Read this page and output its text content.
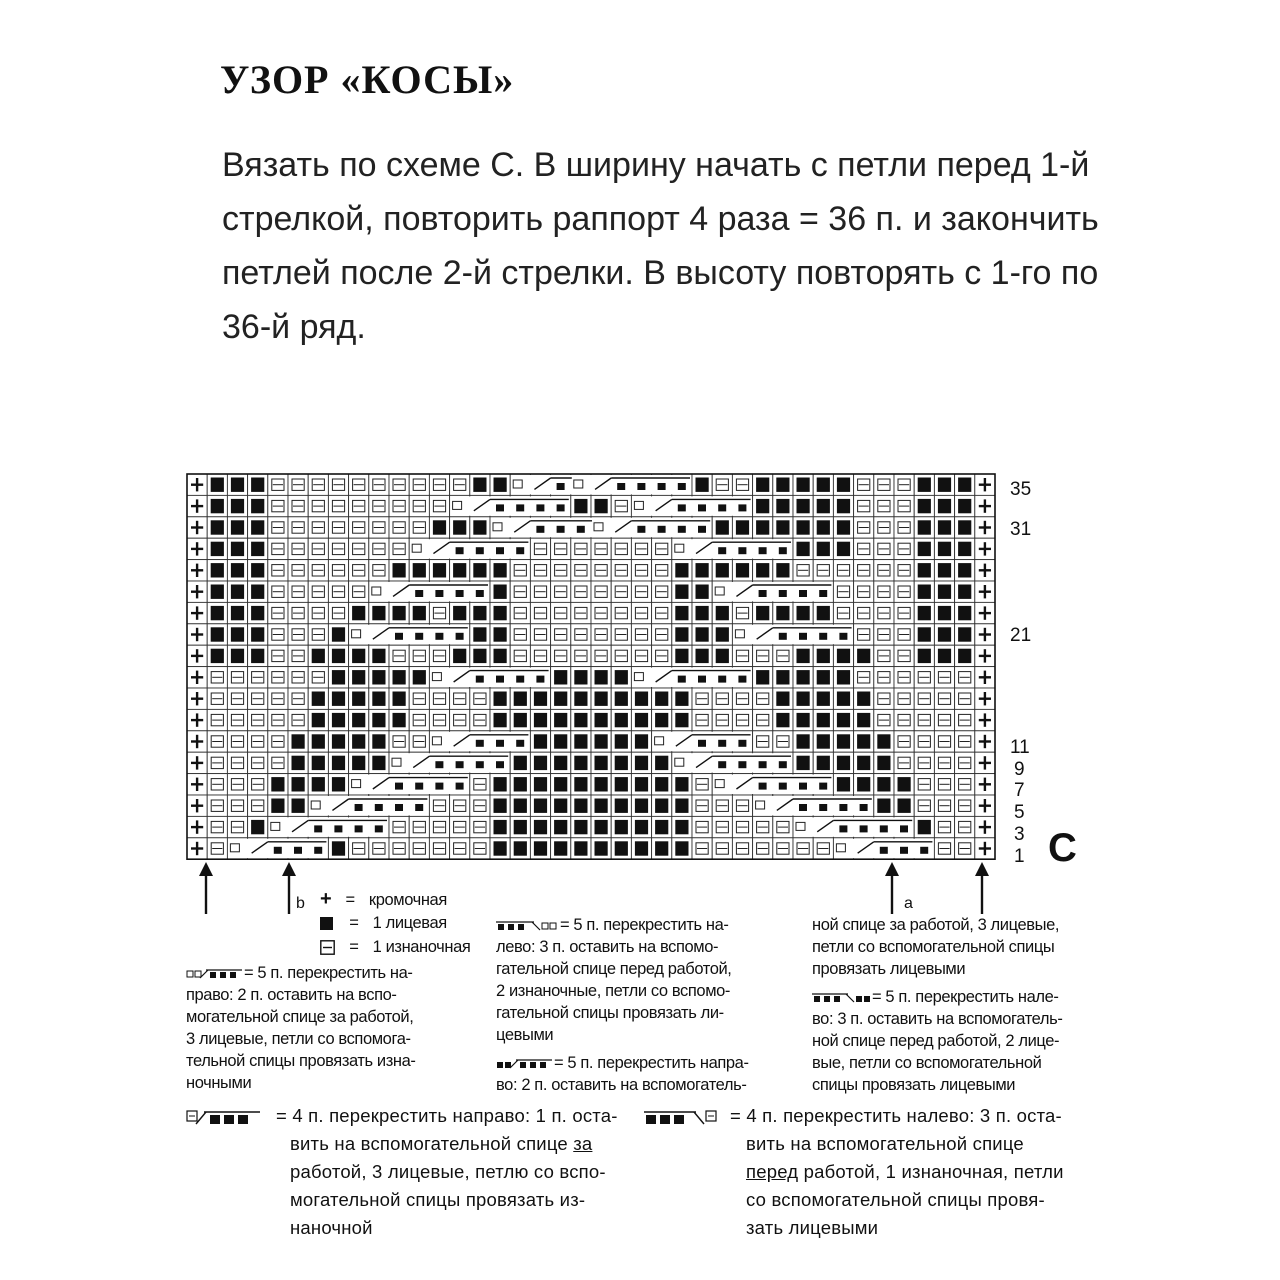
УЗОР «КОСЫ»

Вязать по схеме С. В ширину начать с петли перед 1-й стрелкой, повторить раппорт 4 раза = 36 п. и закончить петлей после 2-й стрелки. В высоту повторять с 1-го по 36-й ряд.

35
31
21
11
9
7
5
3
1 C
b	a
+ = кромочная
= 1 лицевая
= 1 изнаночная
= 5 п. перекрестить на-
право: 2 п. оставить на вспо-
могательной спице за работой,
3 лицевые, петли со вспомога-
тельной спицы провязать изна-
ночными
= 5 п. перекрестить на-
лево: 3 п. оставить на вспомо-
гательной спице перед работой,
2 изнаночные, петли со вспомо-
гательной спицы провязать ли-
цевыми
= 5 п. перекрестить напра-
во: 2 п. оставить на вспомогатель-
ной спице за работой, 3 лицевые,
петли со вспомогательной спицы
провязать лицевыми
= 5 п. перекрестить нале-
во: 3 п. оставить на вспомогатель-
ной спице перед работой, 2 лице-
вые, петли со вспомогательной
спицы провязать лицевыми
= 4 п. перекрестить направо: 1 п. оста-
вить на вспомогательной спице за
работой, 3 лицевые, петлю со вспо-
могательной спицы провязать из-
наночной
= 4 п. перекрестить налево: 3 п. оста-
вить на вспомогательной спице
перед работой, 1 изнаночная, петли
со вспомогательной спицы провя-
зать лицевыми
